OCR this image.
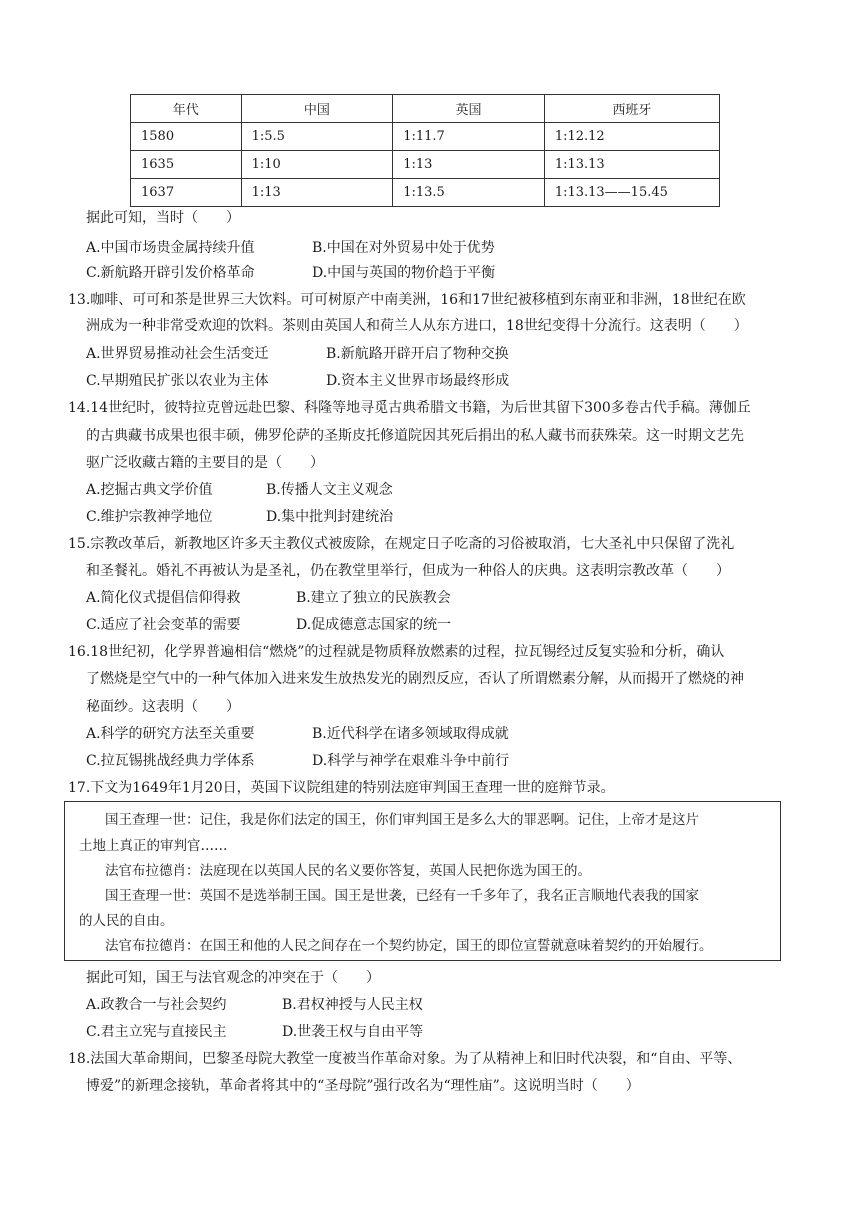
年代	中国	英国	西班牙
1580	1:5.5	1:11.7	1:12.12
1635	1:10	1:13	1:13.13
1637	1:13	1:13.5	1:13.13——15.45
据此可知，当时（　　）
A.中国市场贵金属持续升值	B.中国在对外贸易中处于优势
C.新航路开辟引发价格革命	D.中国与英国的物价趋于平衡
13.咖啡、可可和茶是世界三大饮料。可可树原产中南美洲，16和17世纪被移植到东南亚和非洲，18世纪在欧
洲成为一种非常受欢迎的饮料。茶则由英国人和荷兰人从东方进口，18世纪变得十分流行。这表明（　　）
A.世界贸易推动社会生活变迁	B.新航路开辟开启了物种交换
C.早期殖民扩张以农业为主体	D.资本主义世界市场最终形成
14.14世纪时，彼特拉克曾远赴巴黎、科隆等地寻觅古典希腊文书籍，为后世其留下300多卷古代手稿。薄伽丘
的古典藏书成果也很丰硕，佛罗伦萨的圣斯皮托修道院因其死后捐出的私人藏书而获殊荣。这一时期文艺先
驱广泛收藏古籍的主要目的是（　　）
A.挖掘古典文学价值	B.传播人文主义观念
C.维护宗教神学地位	D.集中批判封建统治
15.宗教改革后，新教地区许多天主教仪式被废除，在规定日子吃斋的习俗被取消，七大圣礼中只保留了洗礼
和圣餐礼。婚礼不再被认为是圣礼，仍在教堂里举行，但成为一种俗人的庆典。这表明宗教改革（　　）
A.简化仪式提倡信仰得救	B.建立了独立的民族教会
C.适应了社会变革的需要	D.促成德意志国家的统一
16.18世纪初，化学界普遍相信“燃烧”的过程就是物质释放燃素的过程，拉瓦锡经过反复实验和分析，确认
了燃烧是空气中的一种气体加入进来发生放热发光的剧烈反应，否认了所谓燃素分解，从而揭开了燃烧的神
秘面纱。这表明（　　）
A.科学的研究方法至关重要	B.近代科学在诸多领域取得成就
C.拉瓦锡挑战经典力学体系	D.科学与神学在艰难斗争中前行
17.下文为1649年1月20日，英国下议院组建的特别法庭审判国王查理一世的庭辩节录。
国王查理一世：记住，我是你们法定的国王，你们审判国王是多么大的罪恶啊。记住，上帝才是这片
土地上真正的审判官……
法官布拉德肖：法庭现在以英国人民的名义要你答复，英国人民把你选为国王的。
国王查理一世：英国不是选举制王国。国王是世袭，已经有一千多年了，我名正言顺地代表我的国家
的人民的自由。
法官布拉德肖：在国王和他的人民之间存在一个契约协定，国王的即位宣誓就意味着契约的开始履行。
据此可知，国王与法官观念的冲突在于（　　）
A.政教合一与社会契约	B.君权神授与人民主权
C.君主立宪与直接民主	D.世袭王权与自由平等
18.法国大革命期间，巴黎圣母院大教堂一度被当作革命对象。为了从精神上和旧时代决裂，和“自由、平等、
博爱”的新理念接轨，革命者将其中的“圣母院”强行改名为“理性庙”。这说明当时（　　）
